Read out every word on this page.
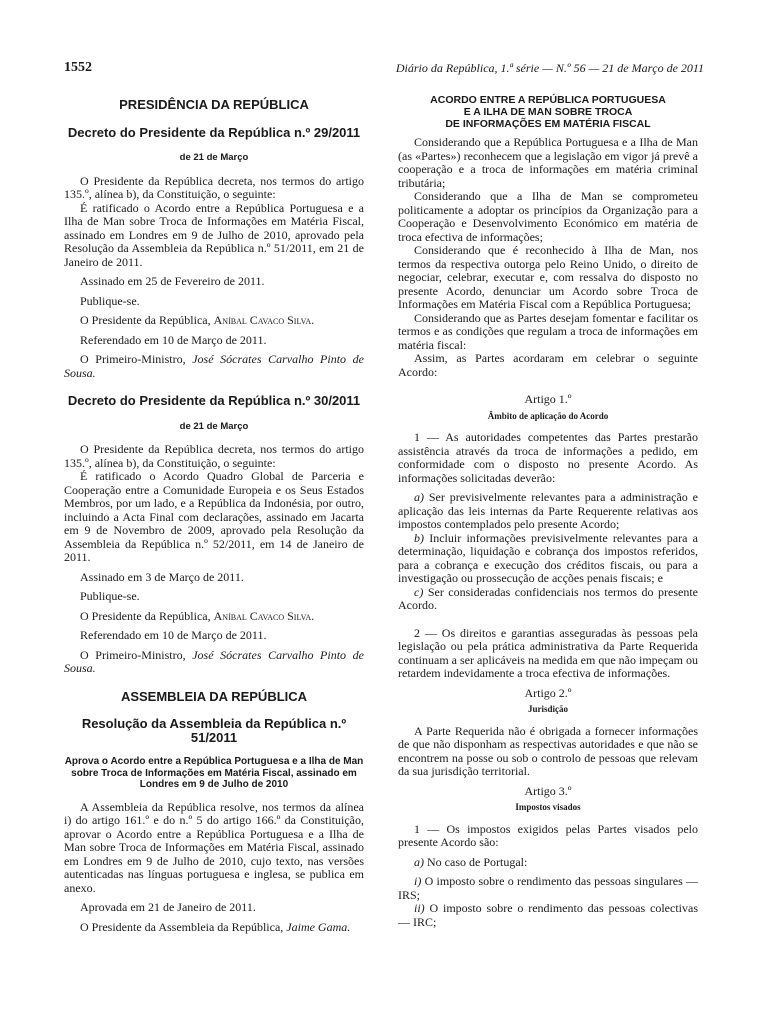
1552	Diário da República, 1.ª série — N.º 56 — 21 de Março de 2011
PRESIDÊNCIA DA REPÚBLICA
Decreto do Presidente da República n.º 29/2011
de 21 de Março

O Presidente da República decreta, nos termos do artigo 135.º, alínea b), da Constituição, o seguinte:

É ratificado o Acordo entre a República Portuguesa e a Ilha de Man sobre Troca de Informações em Matéria Fiscal, assinado em Londres em 9 de Julho de 2010, aprovado pela Resolução da Assembleia da República n.º 51/2011, em 21 de Janeiro de 2011.

Assinado em 25 de Fevereiro de 2011.

Publique-se.

O Presidente da República, Aníbal Cavaco Silva.

Referendado em 10 de Março de 2011.

O Primeiro-Ministro, José Sócrates Carvalho Pinto de Sousa.

Decreto do Presidente da República n.º 30/2011
de 21 de Março

O Presidente da República decreta, nos termos do artigo 135.º, alínea b), da Constituição, o seguinte:

É ratificado o Acordo Quadro Global de Parceria e Cooperação entre a Comunidade Europeia e os Seus Estados Membros, por um lado, e a República da Indonésia, por outro, incluindo a Acta Final com declarações, assinado em Jacarta em 9 de Novembro de 2009, aprovado pela Resolução da Assembleia da República n.º 52/2011, em 14 de Janeiro de 2011.

Assinado em 3 de Março de 2011.

Publique-se.

O Presidente da República, Aníbal Cavaco Silva.

Referendado em 10 de Março de 2011.

O Primeiro-Ministro, José Sócrates Carvalho Pinto de Sousa.

ASSEMBLEIA DA REPÚBLICA
Resolução da Assembleia da República n.º 51/2011
Aprova o Acordo entre a República Portuguesa e a Ilha de Man sobre Troca de Informações em Matéria Fiscal, assinado em Londres em 9 de Julho de 2010

A Assembleia da República resolve, nos termos da alínea i) do artigo 161.º e do n.º 5 do artigo 166.º da Constituição, aprovar o Acordo entre a República Portuguesa e a Ilha de Man sobre Troca de Informações em Matéria Fiscal, assinado em Londres em 9 de Julho de 2010, cujo texto, nas versões autenticadas nas línguas portuguesa e inglesa, se publica em anexo.

Aprovada em 21 de Janeiro de 2011.

O Presidente da Assembleia da República, Jaime Gama.

ACORDO ENTRE A REPÚBLICA PORTUGUESA
E A ILHA DE MAN SOBRE TROCA
DE INFORMAÇÕES EM MATÉRIA FISCAL

Considerando que a República Portuguesa e a Ilha de Man (as «Partes») reconhecem que a legislação em vigor já prevê a cooperação e a troca de informações em matéria criminal tributária;

Considerando que a Ilha de Man se comprometeu politicamente a adoptar os princípios da Organização para a Cooperação e Desenvolvimento Económico em matéria de troca efectiva de informações;

Considerando que é reconhecido à Ilha de Man, nos termos da respectiva outorga pelo Reino Unido, o direito de negociar, celebrar, executar e, com ressalva do disposto no presente Acordo, denunciar um Acordo sobre Troca de Informações em Matéria Fiscal com a República Portuguesa;

Considerando que as Partes desejam fomentar e facilitar os termos e as condições que regulam a troca de informações em matéria fiscal:

Assim, as Partes acordaram em celebrar o seguinte Acordo:

Artigo 1.º
Âmbito de aplicação do Acordo

1 — As autoridades competentes das Partes prestarão assistência através da troca de informações a pedido, em conformidade com o disposto no presente Acordo. As informações solicitadas deverão:

a) Ser previsivelmente relevantes para a administração e aplicação das leis internas da Parte Requerente relativas aos impostos contemplados pelo presente Acordo;

b) Incluir informações previsivelmente relevantes para a determinação, liquidação e cobrança dos impostos referidos, para a cobrança e execução dos créditos fiscais, ou para a investigação ou prossecução de acções penais fiscais; e

c) Ser consideradas confidenciais nos termos do presente Acordo.

2 — Os direitos e garantias asseguradas às pessoas pela legislação ou pela prática administrativa da Parte Requerida continuam a ser aplicáveis na medida em que não impeçam ou retardem indevidamente a troca efectiva de informações.

Artigo 2.º
Jurisdição

A Parte Requerida não é obrigada a fornecer informações de que não disponham as respectivas autoridades e que não se encontrem na posse ou sob o controlo de pessoas que relevam da sua jurisdição territorial.

Artigo 3.º
Impostos visados

1 — Os impostos exigidos pelas Partes visados pelo presente Acordo são:

a) No caso de Portugal:

i) O imposto sobre o rendimento das pessoas singulares — IRS;

ii) O imposto sobre o rendimento das pessoas colectivas — IRC;
